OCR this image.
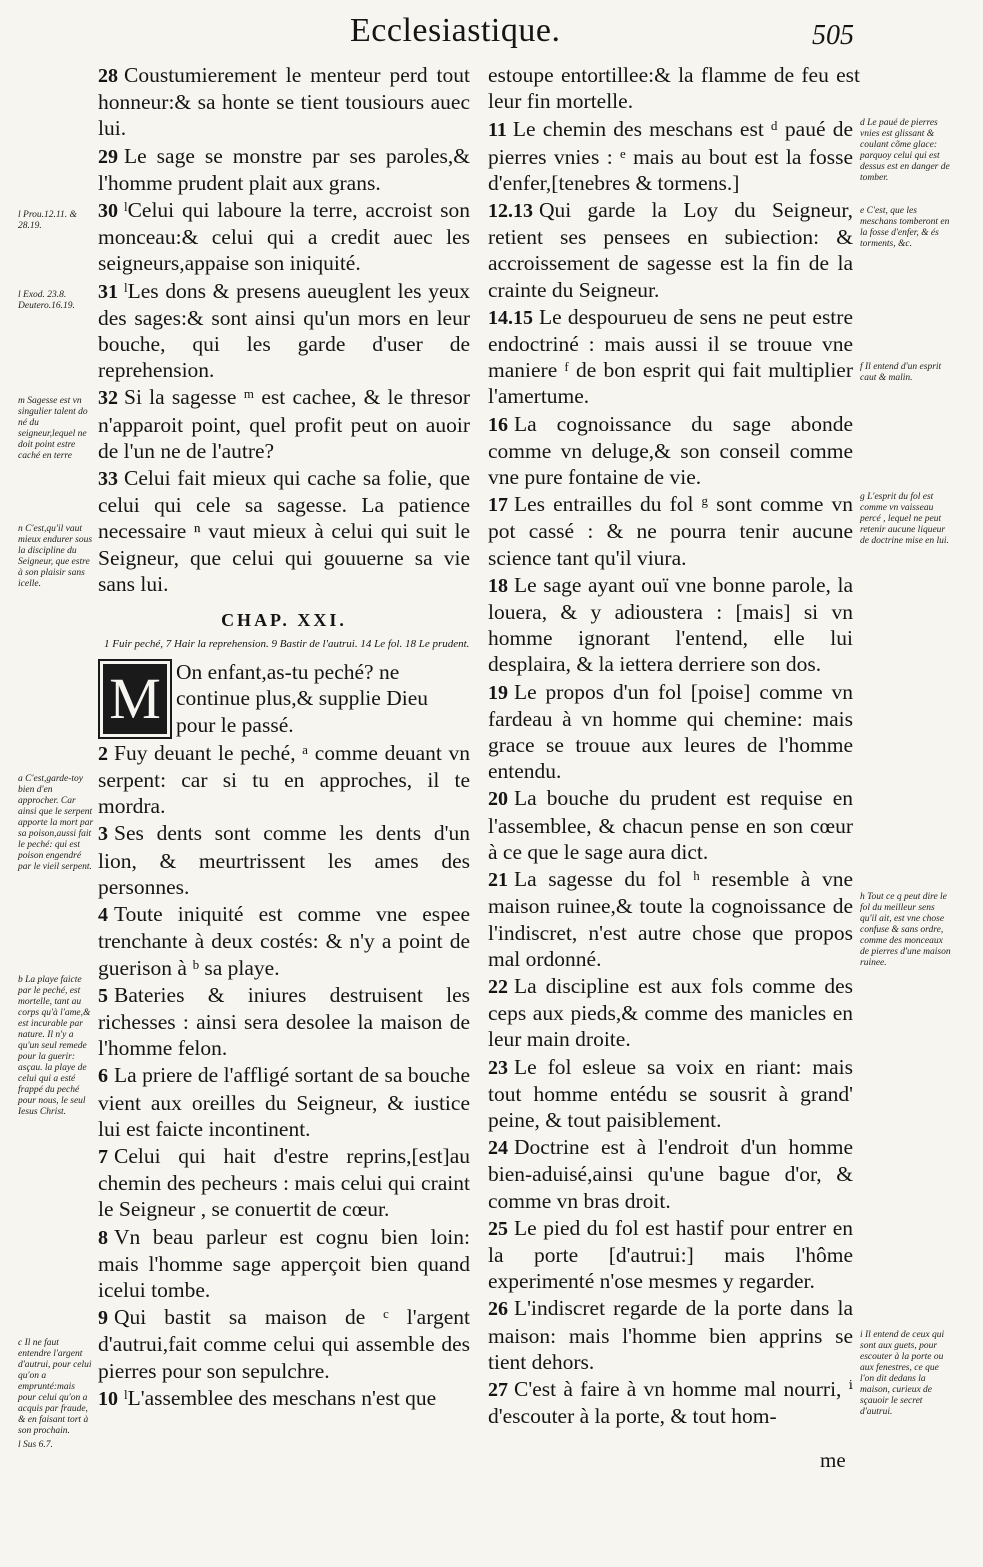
Ecclesiastique.	505

28 Coustumierement le menteur perd tout honneur:& sa honte se tient tousiours auec lui.

29 Le sage se monstre par ses paroles,& l'homme prudent plait aux grans.

30 ˡCelui qui laboure la terre, accroist son monceau:& celui qui a credit auec les seigneurs,appaise son iniquité.

31 ˡLes dons & presens aueuglent les yeux des sages:& sont ainsi qu'un mors en leur bouche, qui les garde d'user de reprehension.

32 Si la sagesse ᵐ est cachee, & le thresor n'apparoit point, quel profit peut on auoir de l'un ne de l'autre?

33 Celui fait mieux qui cache sa folie, que celui qui cele sa sagesse. La patience necessaire ⁿ vaut mieux à celui qui suit le Seigneur, que celui qui gouuerne sa vie sans lui.

CHAP. XXI.
1 Fuir peché, 7 Hair la reprehension. 9 Bastir de l'autrui. 14 Le fol. 18 Le prudent.
M On enfant,as-tu peché? ne continue plus,& supplie Dieu pour le passé.

2 Fuy deuant le peché, ᵃ comme deuant vn serpent: car si tu en approches, il te mordra.

3 Ses dents sont comme les dents d'un lion, & meurtrissent les ames des personnes.

4 Toute iniquité est comme vne espee trenchante à deux costés: & n'y a point de guerison à ᵇ sa playe.

5 Bateries & iniures destruisent les richesses : ainsi sera desolee la maison de l'homme felon.

6 La priere de l'affligé sortant de sa bouche vient aux oreilles du Seigneur, & iustice lui est faicte incontinent.

7 Celui qui hait d'estre reprins,[est]au chemin des pecheurs : mais celui qui craint le Seigneur , se conuertit de cœur.

8 Vn beau parleur est cognu bien loin: mais l'homme sage apperçoit bien quand icelui tombe.

9 Qui bastit sa maison de ᶜ l'argent d'autrui,fait comme celui qui assemble des pierres pour son sepulchre.

10 ˡL'assemblee des meschans n'est que

estoupe entortillee:& la flamme de feu est leur fin mortelle.

11 Le chemin des meschans est ᵈ paué de pierres vnies : ᵉ mais au bout est la fosse d'enfer,[tenebres & tormens.]

12.13 Qui garde la Loy du Seigneur, retient ses pensees en subiection: & accroissement de sagesse est la fin de la crainte du Seigneur.

14.15 Le despourueu de sens ne peut estre endoctriné : mais aussi il se trouue vne maniere ᶠ de bon esprit qui fait multiplier l'amertume.

16 La cognoissance du sage abonde comme vn deluge,& son conseil comme vne pure fontaine de vie.

17 Les entrailles du fol ᵍ sont comme vn pot cassé : & ne pourra tenir aucune science tant qu'il viura.

18 Le sage ayant ouï vne bonne parole, la louera, & y adioustera : [mais] si vn homme ignorant l'entend, elle lui desplaira, & la iettera derriere son dos.

19 Le propos d'un fol [poise] comme vn fardeau à vn homme qui chemine: mais grace se trouue aux leures de l'homme entendu.

20 La bouche du prudent est requise en l'assemblee, & chacun pense en son cœur à ce que le sage aura dict.

21 La sagesse du fol ʰ resemble à vne maison ruinee,& toute la cognoissance de l'indiscret, n'est autre chose que propos mal ordonné.

22 La discipline est aux fols comme des ceps aux pieds,& comme des manicles en leur main droite.

23 Le fol esleue sa voix en riant: mais tout homme entédu se sousrit à grand' peine, & tout paisiblement.

24 Doctrine est à l'endroit d'un homme bien-aduisé,ainsi qu'une bague d'or, & comme vn bras droit.

25 Le pied du fol est hastif pour entrer en la porte [d'autrui:] mais l'hôme experimenté n'ose mesmes y regarder.

26 L'indiscret regarde de la porte dans la maison: mais l'homme bien apprins se tient dehors.

27 C'est à faire à vn homme mal nourri, ⁱ d'escouter à la porte, & tout hom-

me
l Prou.12.11. & 28.19.
l Exod. 23.8. Deutero.16.19.
m Sagesse est vn singulier talent do né du seigneur,lequel ne doit point estre caché en terre
n C'est,qu'il vaut mieux endurer sous la discipline du Seigneur, que estre à son plaisir sans icelle.
a C'est,garde-toy bien d'en approcher. Car ainsi que le serpent apporte la mort par sa poison,aussi fait le peché: qui est poison engendré par le vieil serpent.
b La playe faicte par le peché, est mortelle, tant au corps qu'à l'ame,& est incurable par nature. Il n'y a qu'un seul remede pour la guerir: asçau. la playe de celui qui a esté frappé du peché pour nous, le seul Iesus Christ.
c Il ne faut entendre l'argent d'autrui, pour celui qu'on a emprunté:mais pour celui qu'on a acquis par fraude, & en faisant tort à son prochain.
l Sus 6.7.
d Le paué de pierres vnies est glissant & coulant cõme glace: parquoy celui qui est dessus est en danger de tomber.
e C'est, que les meschans tomberont en la fosse d'enfer, & és torments, &c.
f Il entend d'un esprit caut & malin.
g L'esprit du fol est comme vn vaisseau percé , lequel ne peut retenir aucune liqueur de doctrine mise en lui.
h Tout ce q peut dire le fol du meilleur sens qu'il ait, est vne chose confuse & sans ordre, comme des monceaux de pierres d'une maison ruinee.
i Il entend de ceux qui sont aux guets, pour escouter à la porte ou aux fenestres, ce que l'on dit dedans la maison, curieux de sçauoir le secret d'autrui.
